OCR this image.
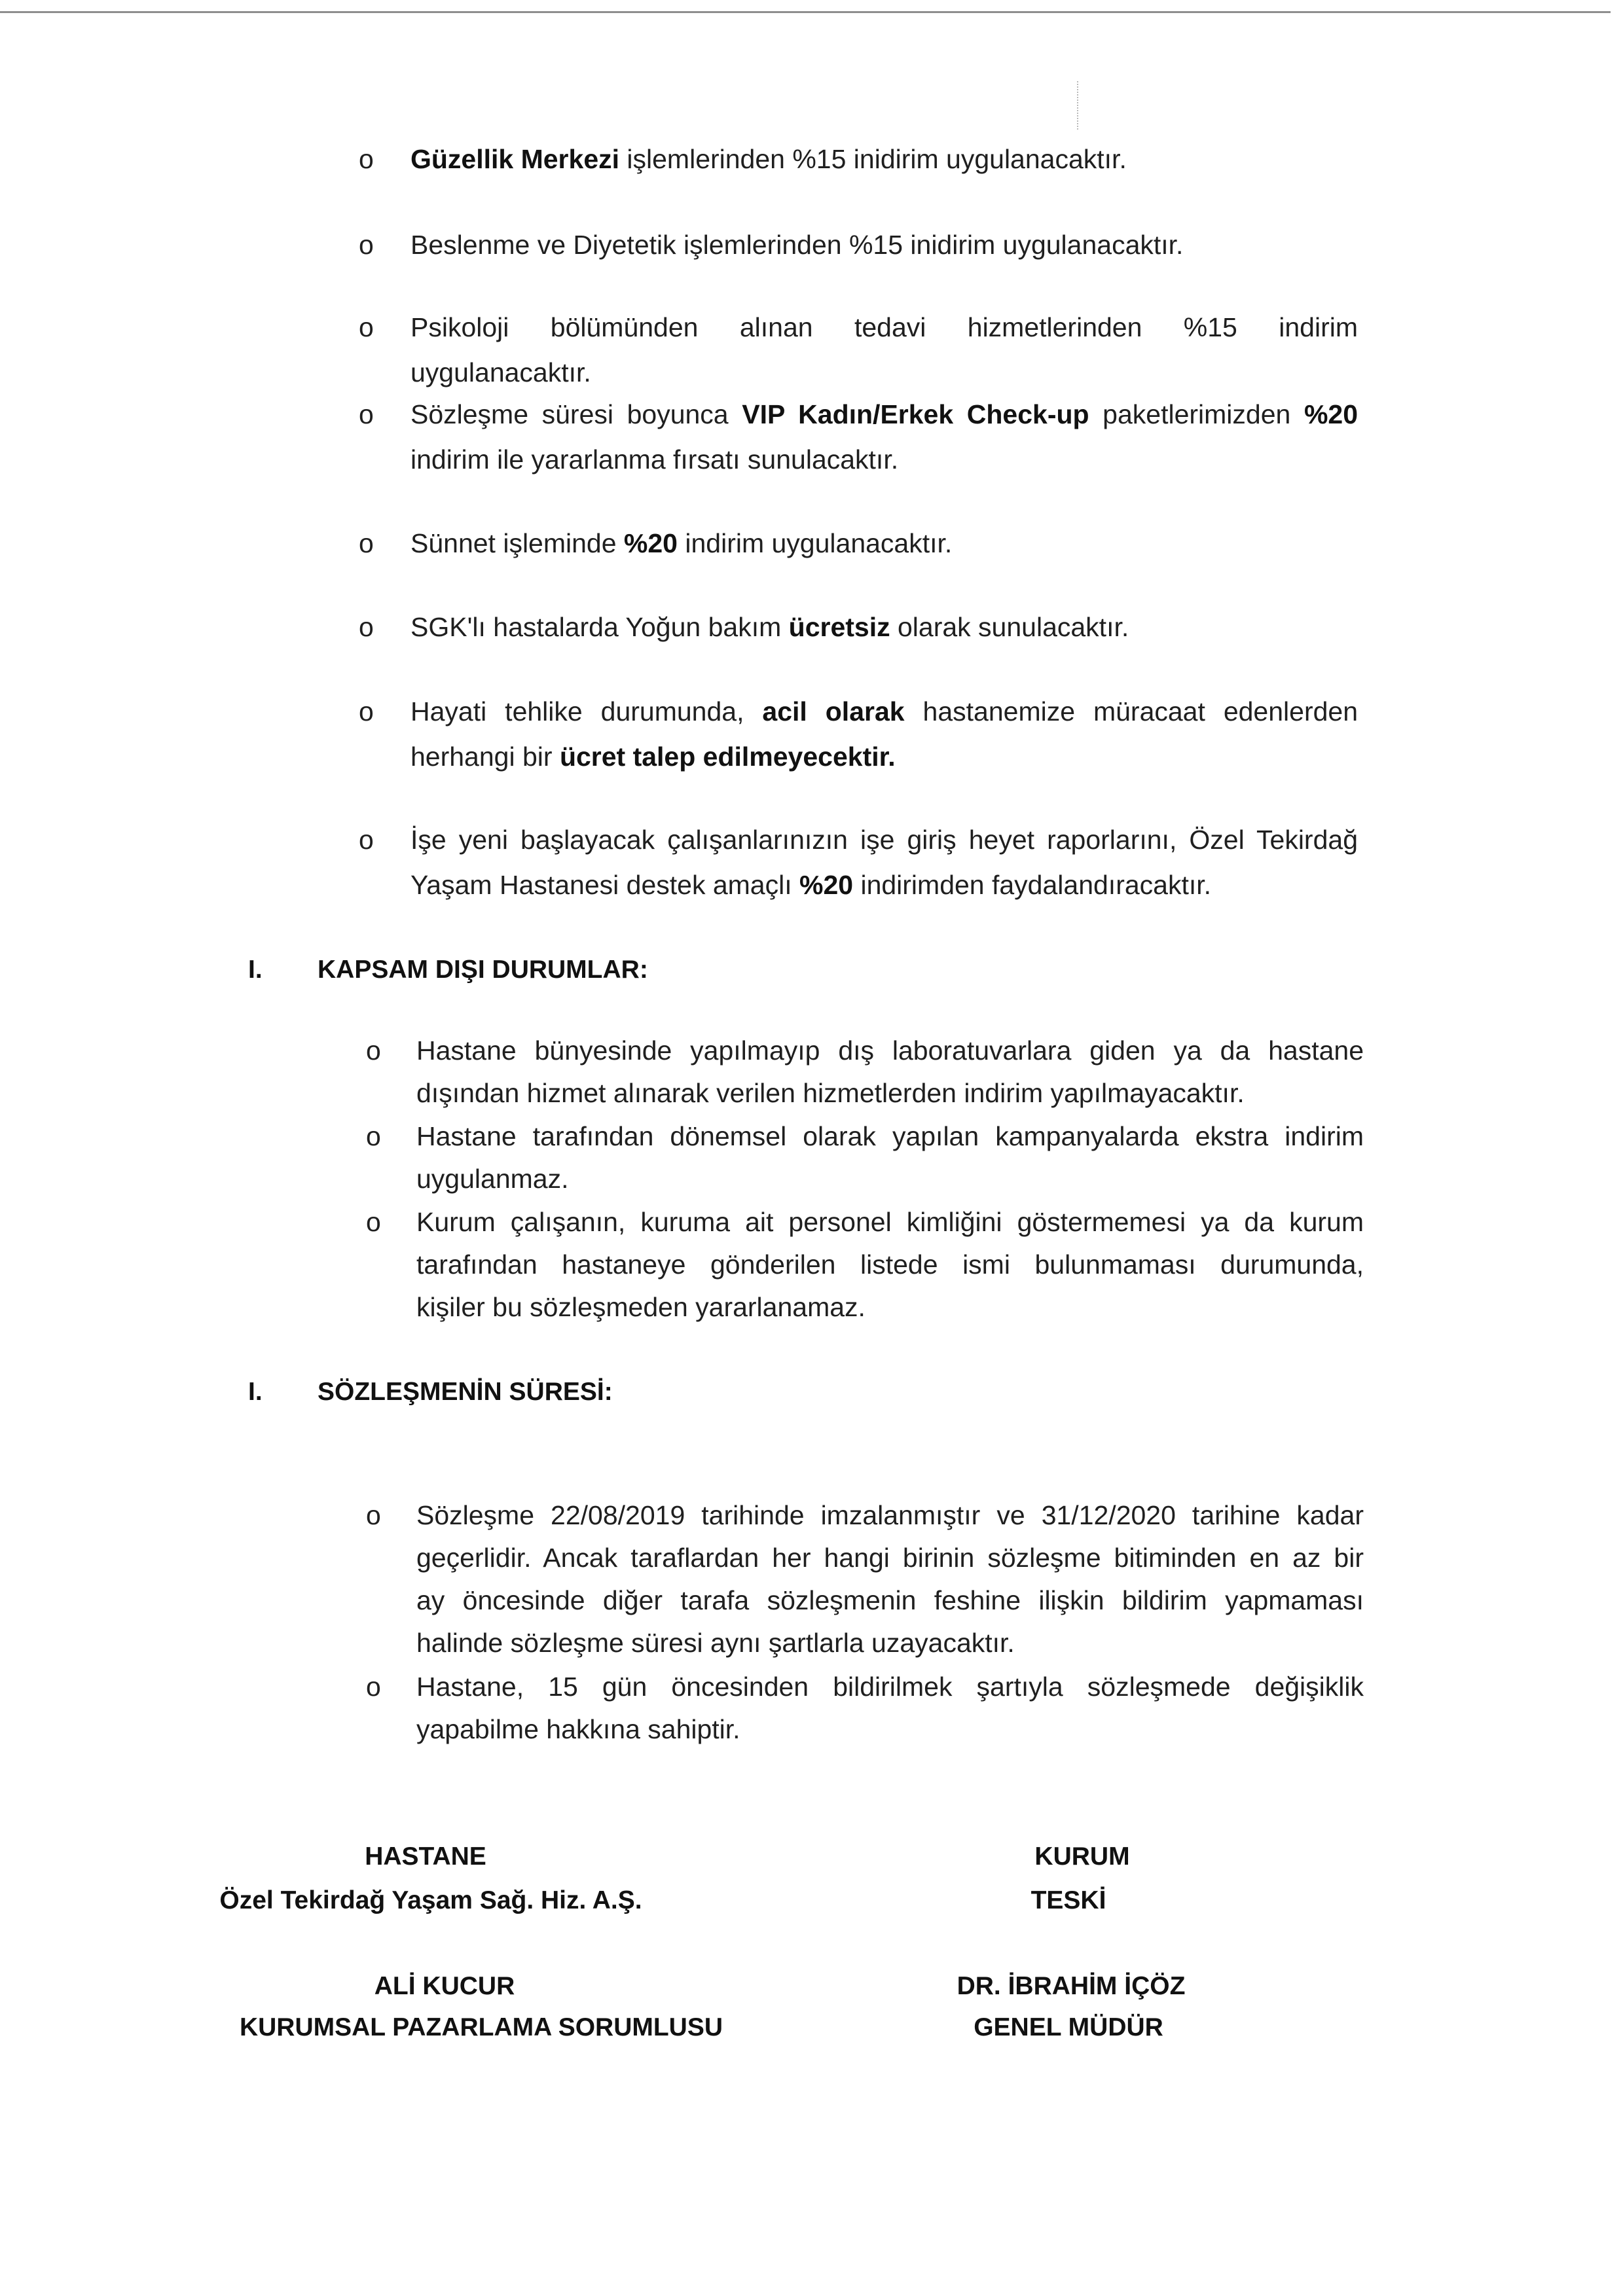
o Güzellik Merkezi işlemlerinden %15 inidirim uygulanacaktır.
o Beslenme ve Diyetetik işlemlerinden %15 inidirim uygulanacaktır.
o Psikoloji bölümünden alınan tedavi hizmetlerinden %15 indirim
uygulanacaktır.
o Sözleşme süresi boyunca VIP Kadın/Erkek Check-up paketlerimizden %20
indirim ile yararlanma fırsatı sunulacaktır.
o Sünnet işleminde %20 indirim uygulanacaktır.
o SGK'lı hastalarda Yoğun bakım ücretsiz olarak sunulacaktır.
o Hayati tehlike durumunda, acil olarak hastanemize müracaat edenlerden
herhangi bir ücret talep edilmeyecektir.
o İşe yeni başlayacak çalışanlarınızın işe giriş heyet raporlarını, Özel Tekirdağ
Yaşam Hastanesi destek amaçlı %20 indirimden faydalandıracaktır.
I. KAPSAM DIŞI DURUMLAR:
o Hastane bünyesinde yapılmayıp dış laboratuvarlara giden ya da hastane
dışından hizmet alınarak verilen hizmetlerden indirim yapılmayacaktır.
o Hastane tarafından dönemsel olarak yapılan kampanyalarda ekstra indirim
uygulanmaz.
o Kurum çalışanın, kuruma ait personel kimliğini göstermemesi ya da kurum
tarafından hastaneye gönderilen listede ismi bulunmaması durumunda,
kişiler bu sözleşmeden yararlanamaz.
I. SÖZLEŞMENİN SÜRESİ:
o Sözleşme 22/08/2019 tarihinde imzalanmıştır ve 31/12/2020 tarihine kadar
geçerlidir. Ancak taraflardan her hangi birinin sözleşme bitiminden en az bir
ay öncesinde diğer tarafa sözleşmenin feshine ilişkin bildirim yapmaması
halinde sözleşme süresi aynı şartlarla uzayacaktır.
o Hastane, 15 gün öncesinden bildirilmek şartıyla sözleşmede değişiklik
yapabilme hakkına sahiptir.
HASTANE
Özel Tekirdağ Yaşam Sağ. Hiz. A.Ş.
ALİ KUCUR
KURUMSAL PAZARLAMA SORUMLUSU
KURUM
TESKİ
DR. İBRAHİM İÇÖZ
GENEL MÜDÜR
